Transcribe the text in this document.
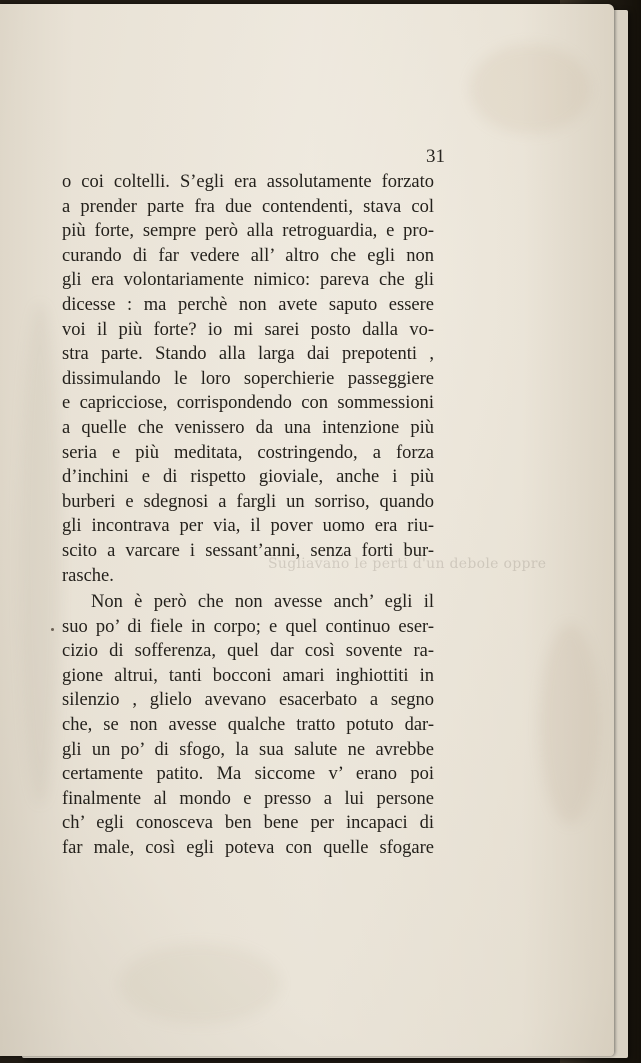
Sugliavano le perti d'un debole oppre
31
o coi coltelli. S’egli era assolutamente forzato
a prender parte fra due contendenti, stava col
più forte, sempre però alla retroguardia, e pro-
curando di far vedere all’ altro che egli non
gli era volontariamente nimico: pareva che gli
dicesse : ma perchè non avete saputo essere
voi il più forte? io mi sarei posto dalla vo-
stra parte. Stando alla larga dai prepotenti ,
dissimulando le loro soperchierie passeggiere
e capricciose, corrispondendo con sommessioni
a quelle che venissero da una intenzione più
seria e più meditata, costringendo, a forza
d’inchini e di rispetto gioviale, anche i più
burberi e sdegnosi a fargli un sorriso, quando
gli incontrava per via, il pover uomo era riu-
scito a varcare i sessant’anni, senza forti bur-
rasche.
Non è però che non avesse anch’ egli il
suo po’ di fiele in corpo; e quel continuo eser-
cizio di sofferenza, quel dar così sovente ra-
gione altrui, tanti bocconi amari inghiottiti in
silenzio , glielo avevano esacerbato a segno
che, se non avesse qualche tratto potuto dar-
gli un po’ di sfogo, la sua salute ne avrebbe
certamente patito. Ma siccome v’ erano poi
finalmente al mondo e presso a lui persone
ch’ egli conosceva ben bene per incapaci di
far male, così egli poteva con quelle sfogare
